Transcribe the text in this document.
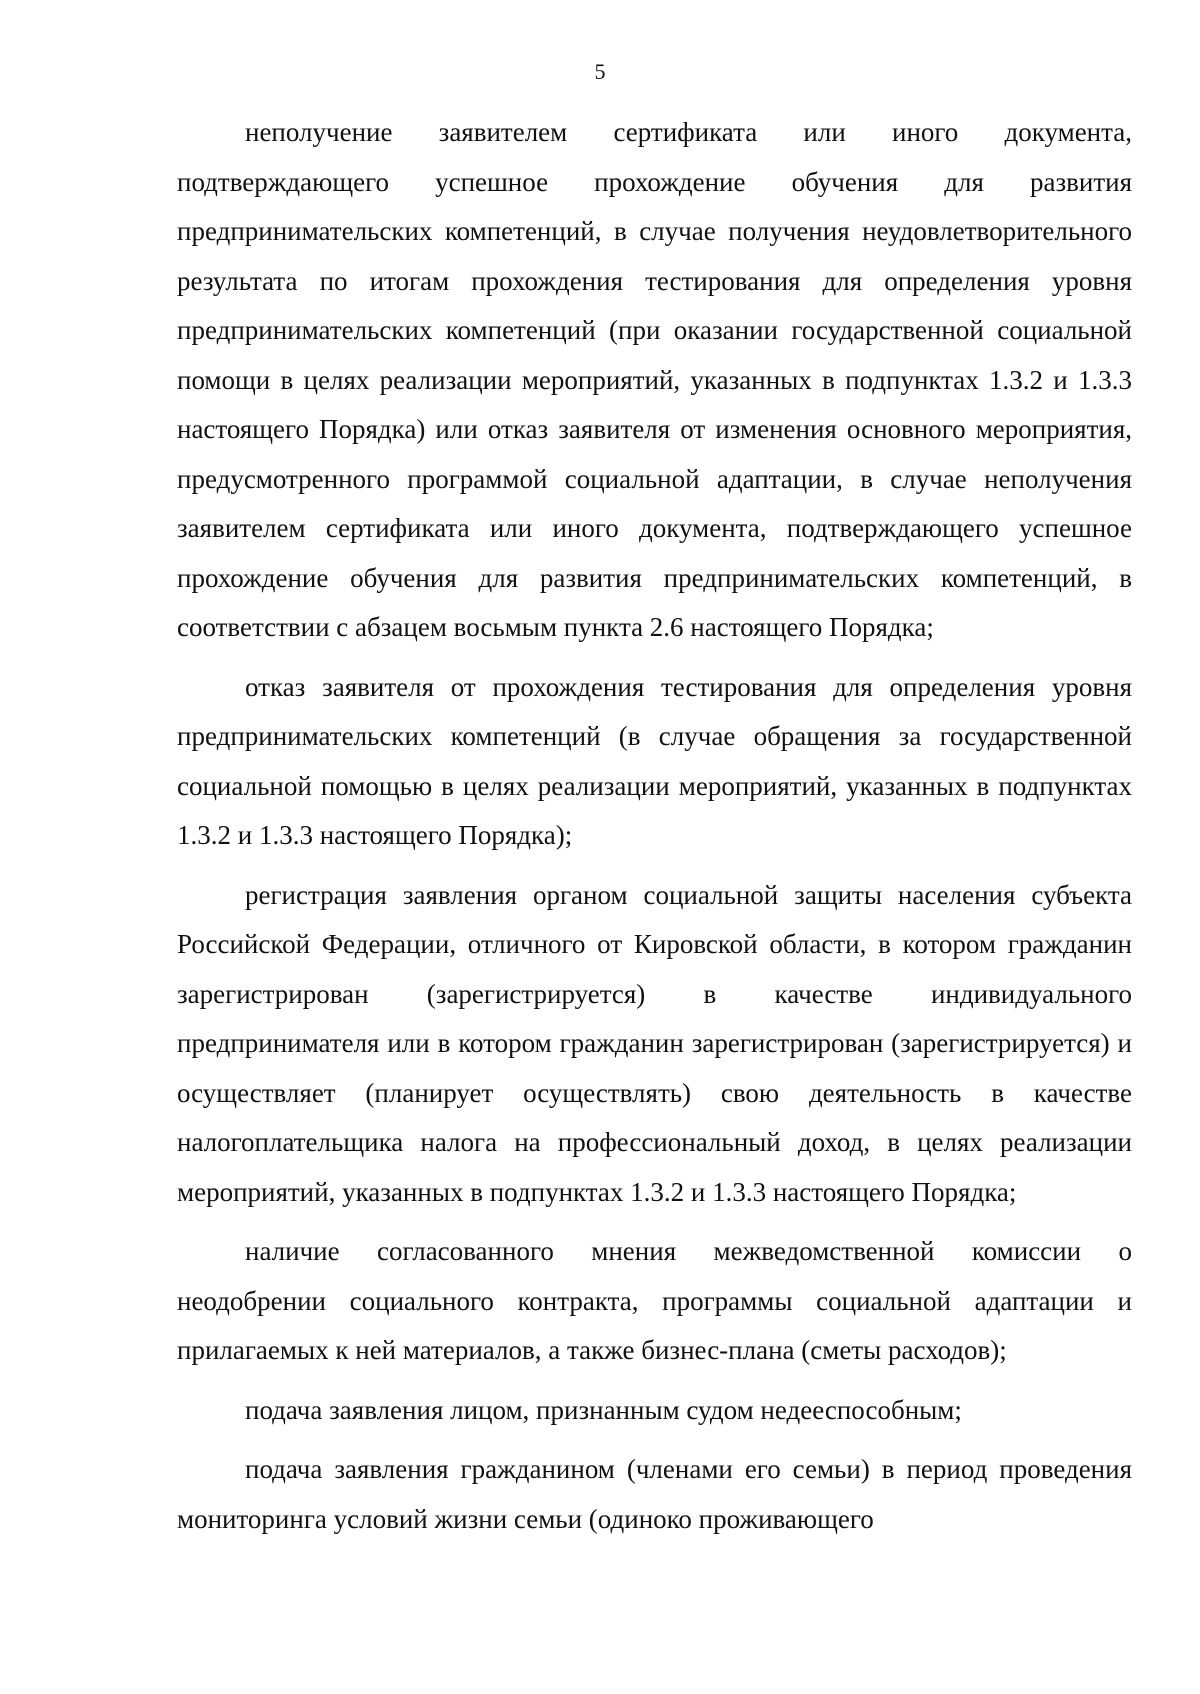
5

неполучение заявителем сертификата или иного документа, подтверждающего успешное прохождение обучения для развития предпринимательских компетенций, в случае получения неудовлетворительного результата по итогам прохождения тестирования для определения уровня предпринимательских компетенций (при оказании государственной социальной помощи в целях реализации мероприятий, указанных в подпунктах 1.3.2 и 1.3.3 настоящего Порядка) или отказ заявителя от изменения основного мероприятия, предусмотренного программой социальной адаптации, в случае неполучения заявителем сертификата или иного документа, подтверждающего успешное прохождение обучения для развития предпринимательских компетенций, в соответствии с абзацем восьмым пункта 2.6 настоящего Порядка;

отказ заявителя от прохождения тестирования для определения уровня предпринимательских компетенций (в случае обращения за государственной социальной помощью в целях реализации мероприятий, указанных в подпунктах 1.3.2 и 1.3.3 настоящего Порядка);

регистрация заявления органом социальной защиты населения субъекта Российской Федерации, отличного от Кировской области, в котором гражданин зарегистрирован (зарегистрируется) в качестве индивидуального предпринимателя или в котором гражданин зарегистрирован (зарегистрируется) и осуществляет (планирует осуществлять) свою деятельность в качестве налогоплательщика налога на профессиональный доход, в целях реализации мероприятий, указанных в подпунктах 1.3.2 и 1.3.3 настоящего Порядка;

наличие согласованного мнения межведомственной комиссии о неодобрении социального контракта, программы социальной адаптации и прилагаемых к ней материалов, а также бизнес-плана (сметы расходов);

подача заявления лицом, признанным судом недееспособным;

подача заявления гражданином (членами его семьи) в период проведения мониторинга условий жизни семьи (одиноко проживающего
